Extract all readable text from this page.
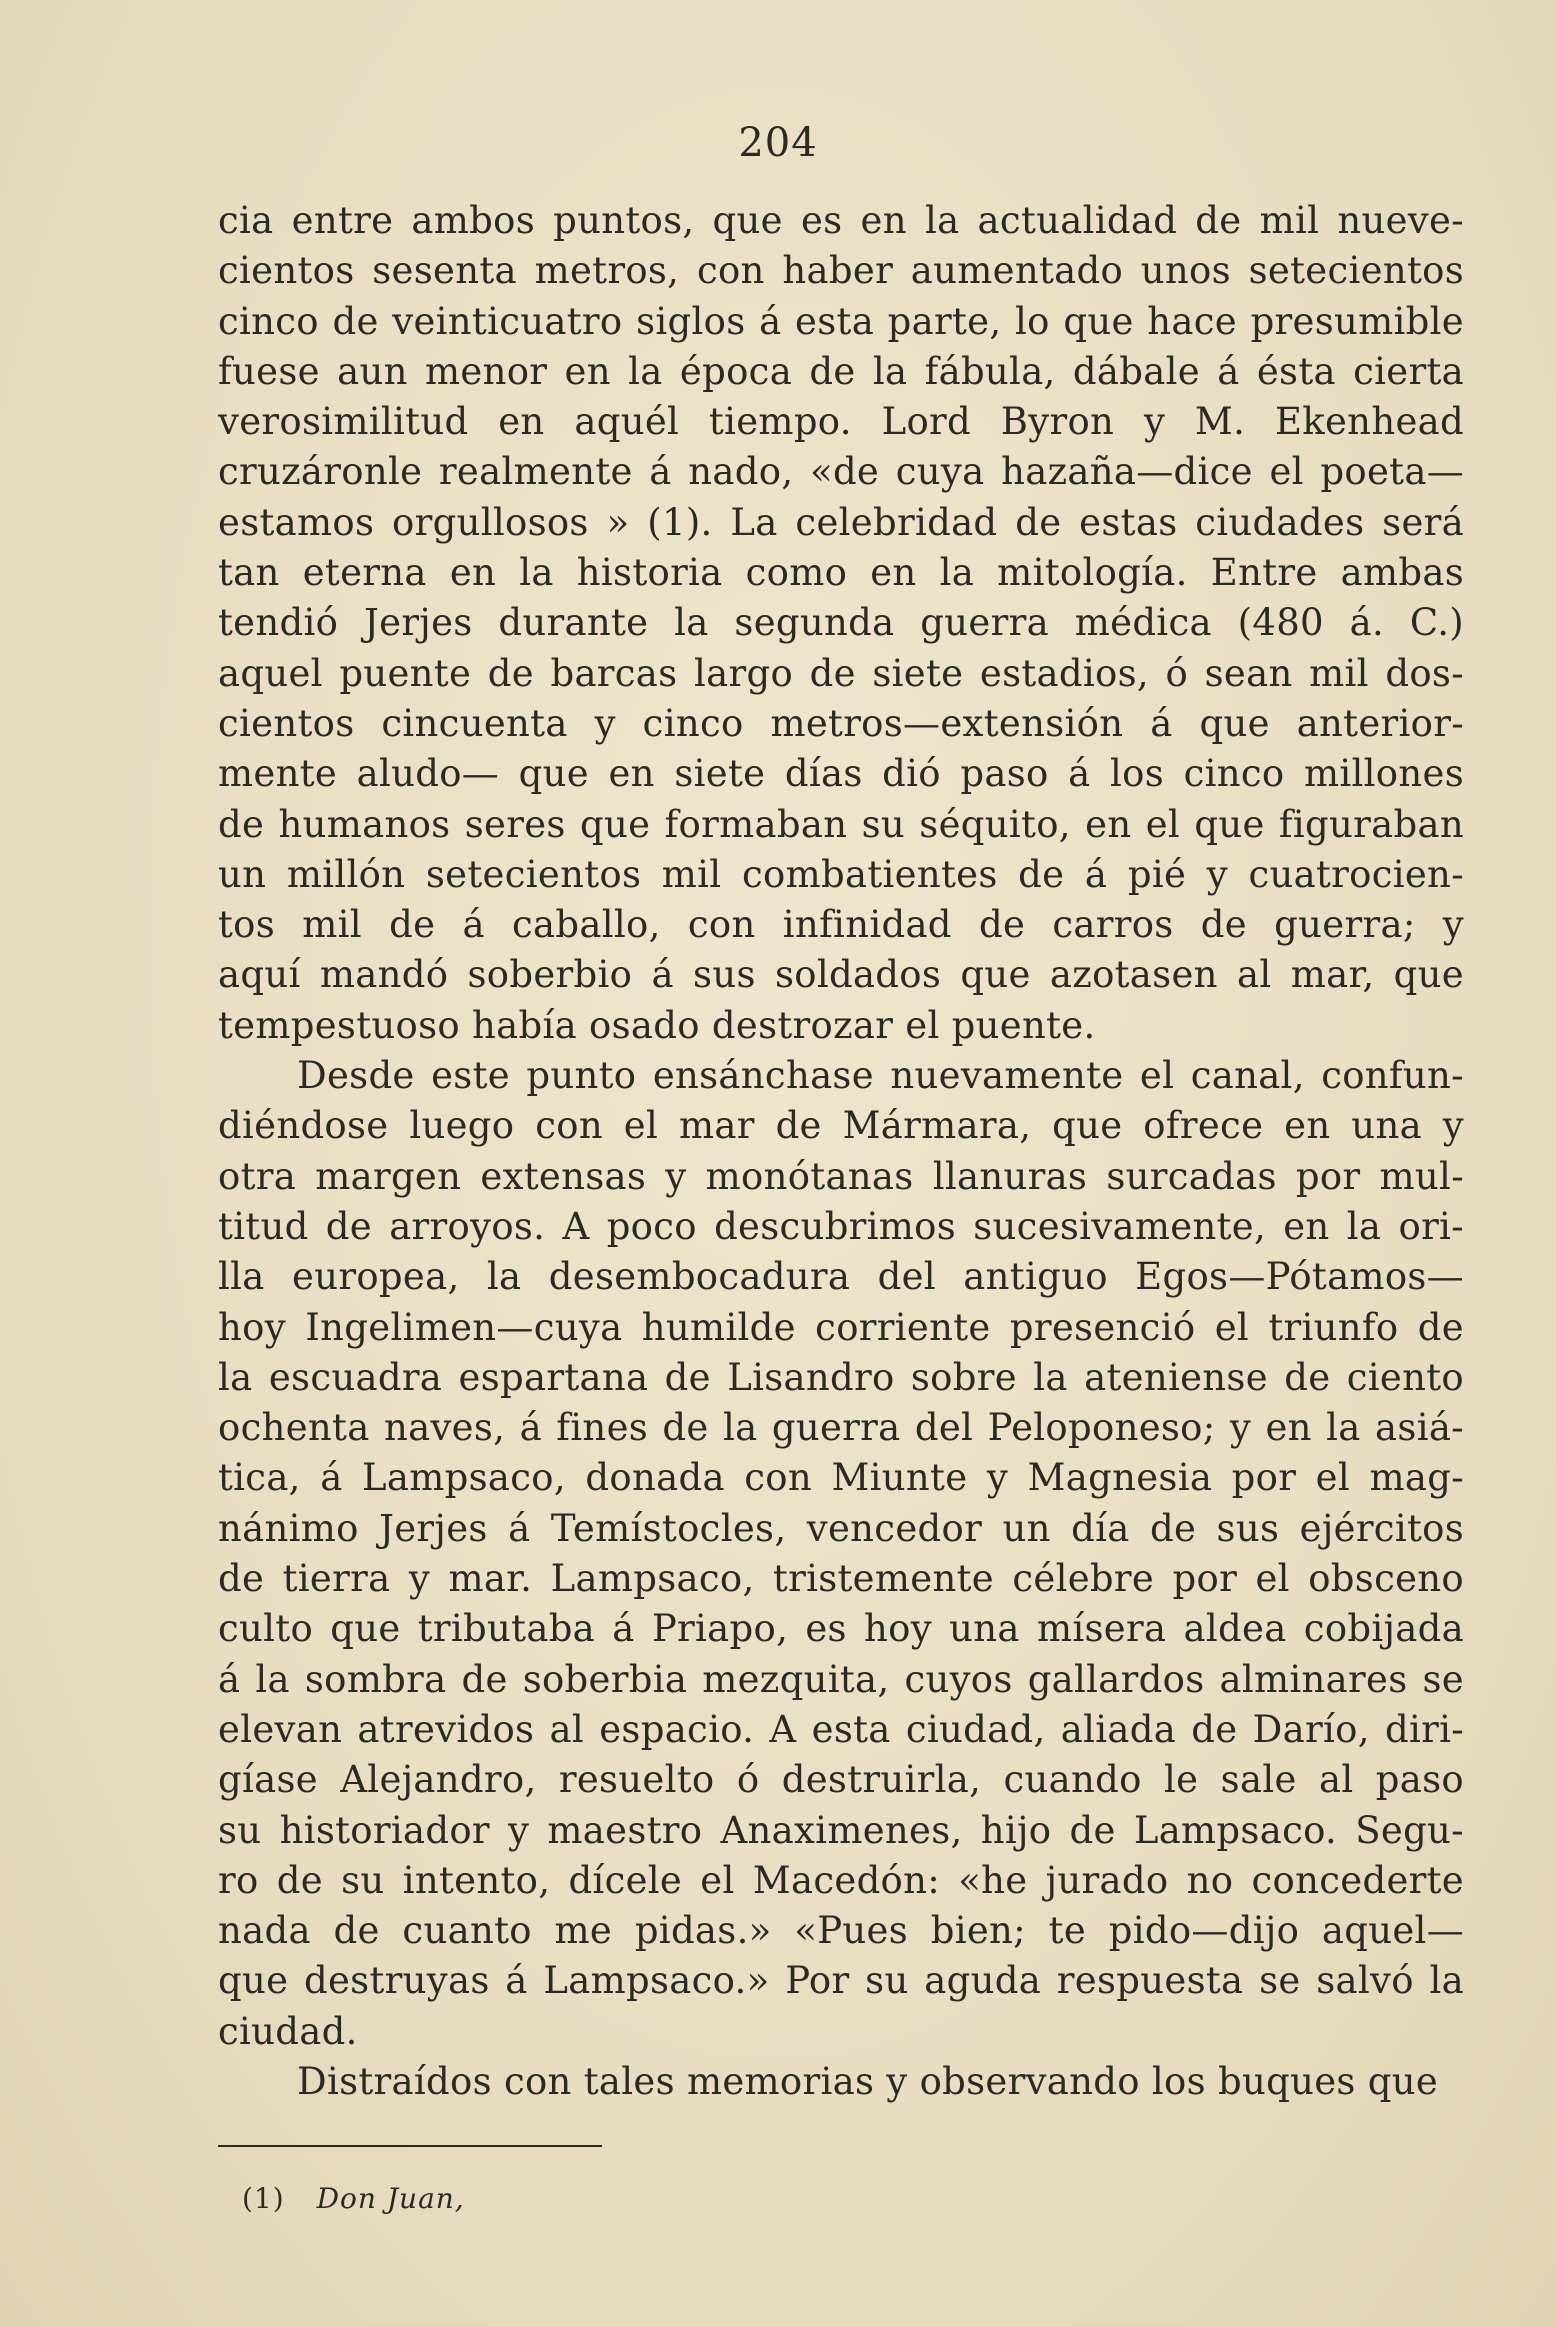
204
cia entre ambos puntos, que es en la actualidad de mil nueve-
cientos sesenta metros, con haber aumentado unos setecientos
cinco de veinticuatro siglos á esta parte, lo que hace presumible
fuese aun menor en la época de la fábula, dábale á ésta cierta
verosimilitud en aquél tiempo. Lord Byron y M. Ekenhead
cruzáronle realmente á nado, «de cuya hazaña—dice el poeta—
estamos orgullosos » (1). La celebridad de estas ciudades será
tan eterna en la historia como en la mitología. Entre ambas
tendió Jerjes durante la segunda guerra médica (480 á. C.)
aquel puente de barcas largo de siete estadios, ó sean mil dos-
cientos cincuenta y cinco metros—extensión á que anterior-
mente aludo— que en siete días dió paso á los cinco millones
de humanos seres que formaban su séquito, en el que figuraban
un millón setecientos mil combatientes de á pié y cuatrocien-
tos mil de á caballo, con infinidad de carros de guerra; y
aquí mandó soberbio á sus soldados que azotasen al mar, que
tempestuoso había osado destrozar el puente.
Desde este punto ensánchase nuevamente el canal, confun-
diéndose luego con el mar de Mármara, que ofrece en una y
otra margen extensas y monótanas llanuras surcadas por mul-
titud de arroyos. A poco descubrimos sucesivamente, en la ori-
lla europea, la desembocadura del antiguo Egos—Pótamos—
hoy Ingelimen—cuya humilde corriente presenció el triunfo de
la escuadra espartana de Lisandro sobre la ateniense de ciento
ochenta naves, á fines de la guerra del Peloponeso; y en la asiá-
tica, á Lampsaco, donada con Miunte y Magnesia por el mag-
nánimo Jerjes á Temístocles, vencedor un día de sus ejércitos
de tierra y mar. Lampsaco, tristemente célebre por el obsceno
culto que tributaba á Priapo, es hoy una mísera aldea cobijada
á la sombra de soberbia mezquita, cuyos gallardos alminares se
elevan atrevidos al espacio. A esta ciudad, aliada de Darío, diri-
gíase Alejandro, resuelto ó destruirla, cuando le sale al paso
su historiador y maestro Anaximenes, hijo de Lampsaco. Segu-
ro de su intento, dícele el Macedón: «he jurado no concederte
nada de cuanto me pidas.» «Pues bien; te pido—dijo aquel—
que destruyas á Lampsaco.» Por su aguda respuesta se salvó la
ciudad.
Distraídos con tales memorias y observando los buques que
(1) Don Juan,
